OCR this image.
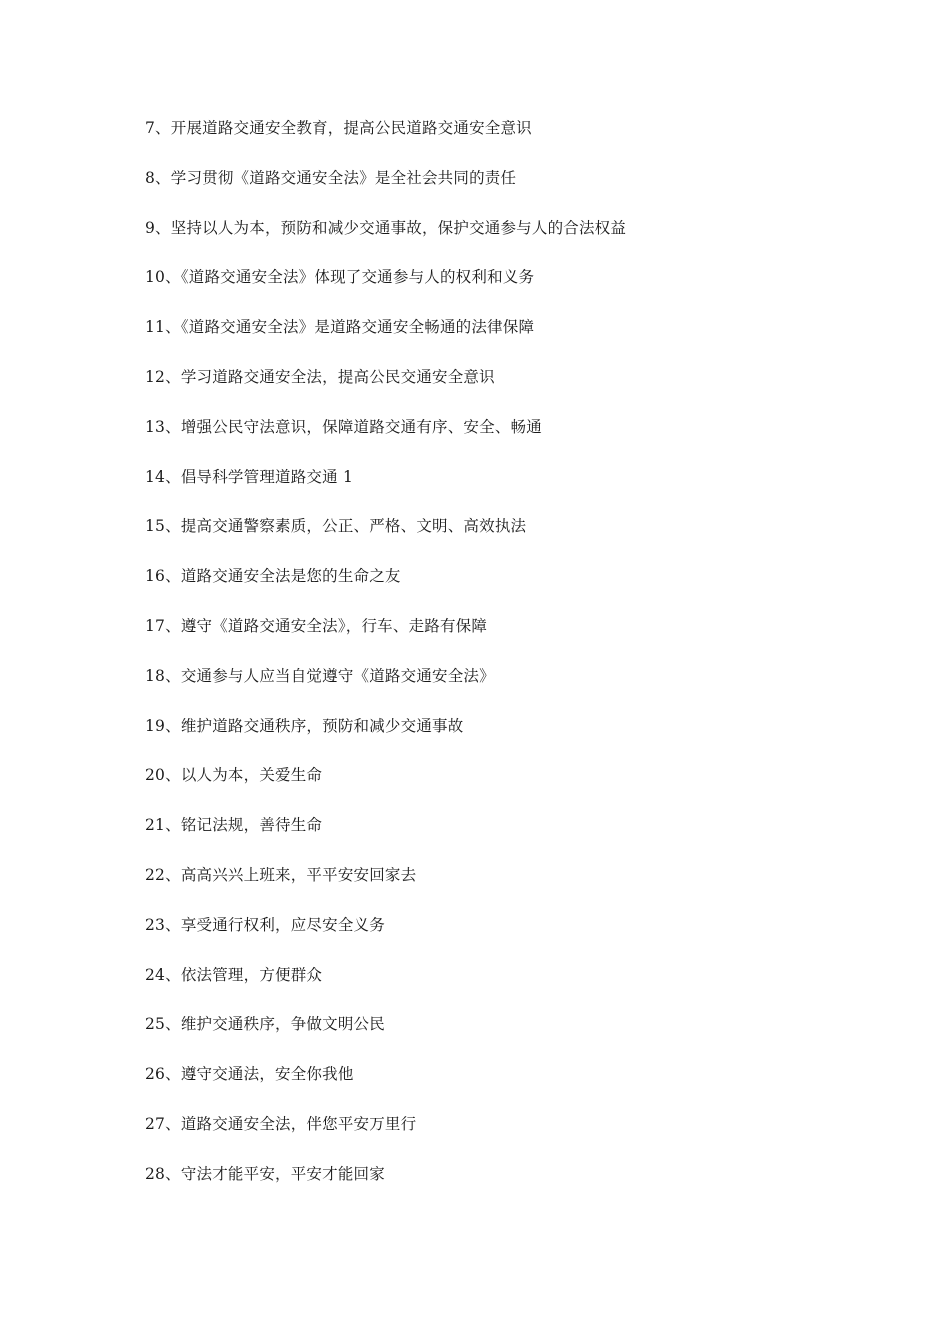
7、开展道路交通安全教育，提高公民道路交通安全意识
8、学习贯彻《道路交通安全法》是全社会共同的责任
9、坚持以人为本，预防和减少交通事故，保护交通参与人的合法权益
10、《道路交通安全法》体现了交通参与人的权利和义务
11、《道路交通安全法》是道路交通安全畅通的法律保障
12、学习道路交通安全法，提高公民交通安全意识
13、增强公民守法意识，保障道路交通有序、安全、畅通
14、倡导科学管理道路交通 1
15、提高交通警察素质，公正、严格、文明、高效执法
16、道路交通安全法是您的生命之友
17、遵守《道路交通安全法》，行车、走路有保障
18、交通参与人应当自觉遵守《道路交通安全法》
19、维护道路交通秩序，预防和减少交通事故
20、以人为本，关爱生命
21、铭记法规，善待生命
22、高高兴兴上班来，平平安安回家去
23、享受通行权利，应尽安全义务
24、依法管理，方便群众
25、维护交通秩序，争做文明公民
26、遵守交通法，安全你我他
27、道路交通安全法，伴您平安万里行
28、守法才能平安，平安才能回家
